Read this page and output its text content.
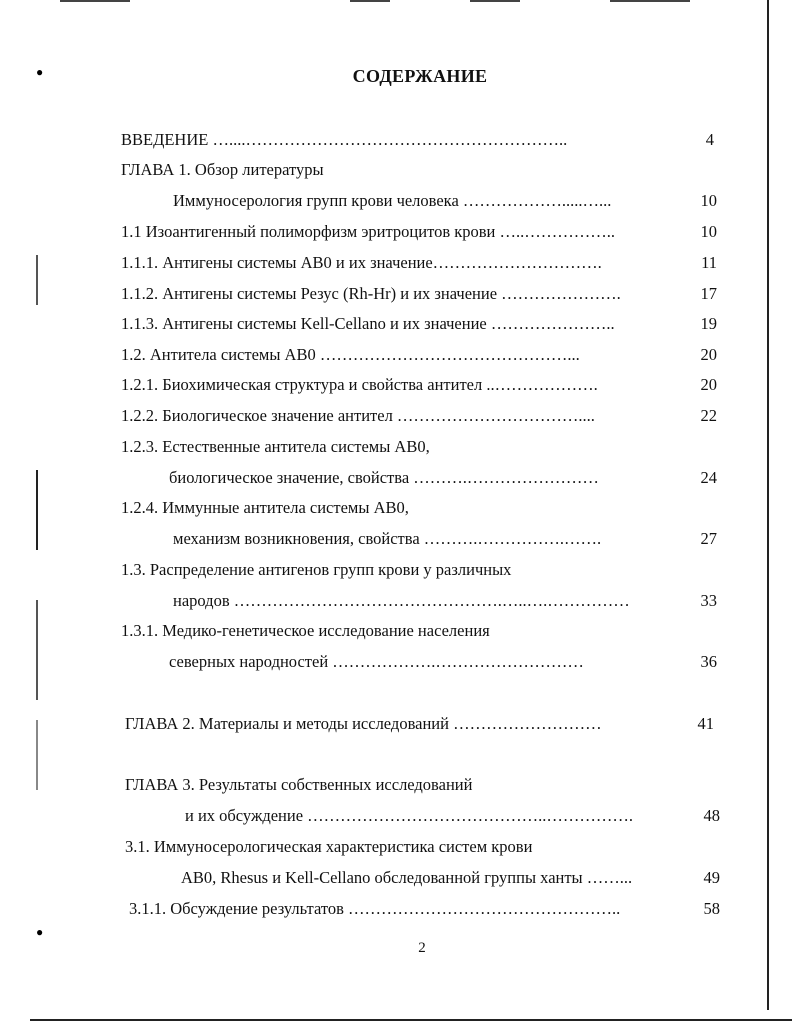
●
●
СОДЕРЖАНИЕ
ВВЕДЕНИЕ …....…………………………………………………..	4
ГЛАВА 1. Обзор литературы
Иммуносерология групп крови человека ……………….....…...	10
1.1 Изоантигенный полиморфизм эритроцитов крови …..……………..	10
1.1.1. Антигены системы АВ0 и их значение………………………….	11
1.1.2. Антигены системы Резус (Rh-Hr) и их значение ………………….	17
1.1.3. Антигены системы Kell-Cellano и их значение …………………..	19
1.2. Антитела системы АВ0 ………………………………………...	20
1.2.1. Биохимическая структура и свойства антител ..……………….	20
1.2.2. Биологическое значение антител ……………………………....	22
1.2.3. Естественные антитела системы АВ0,
биологическое значение, свойства ……….……………………	24
1.2.4. Иммунные антитела системы АВ0,
механизм возникновения, свойства ……….…………….…….	27
1.3. Распределение антигенов групп крови у различных
народов ………………………………………….…..….……………	33
1.3.1. Медико-генетическое исследование населения
северных народностей ……………….………………………	36
ГЛАВА 2. Материалы и методы исследований ………………………	41
ГЛАВА 3. Результаты собственных исследований
и их обсуждение ……………………………………..…………….	48
3.1. Иммуносерологическая характеристика систем крови
АВ0, Rhesus и Kell-Cellano обследованной группы ханты ……...	49
3.1.1. Обсуждение результатов …………………………………………..	58
2
